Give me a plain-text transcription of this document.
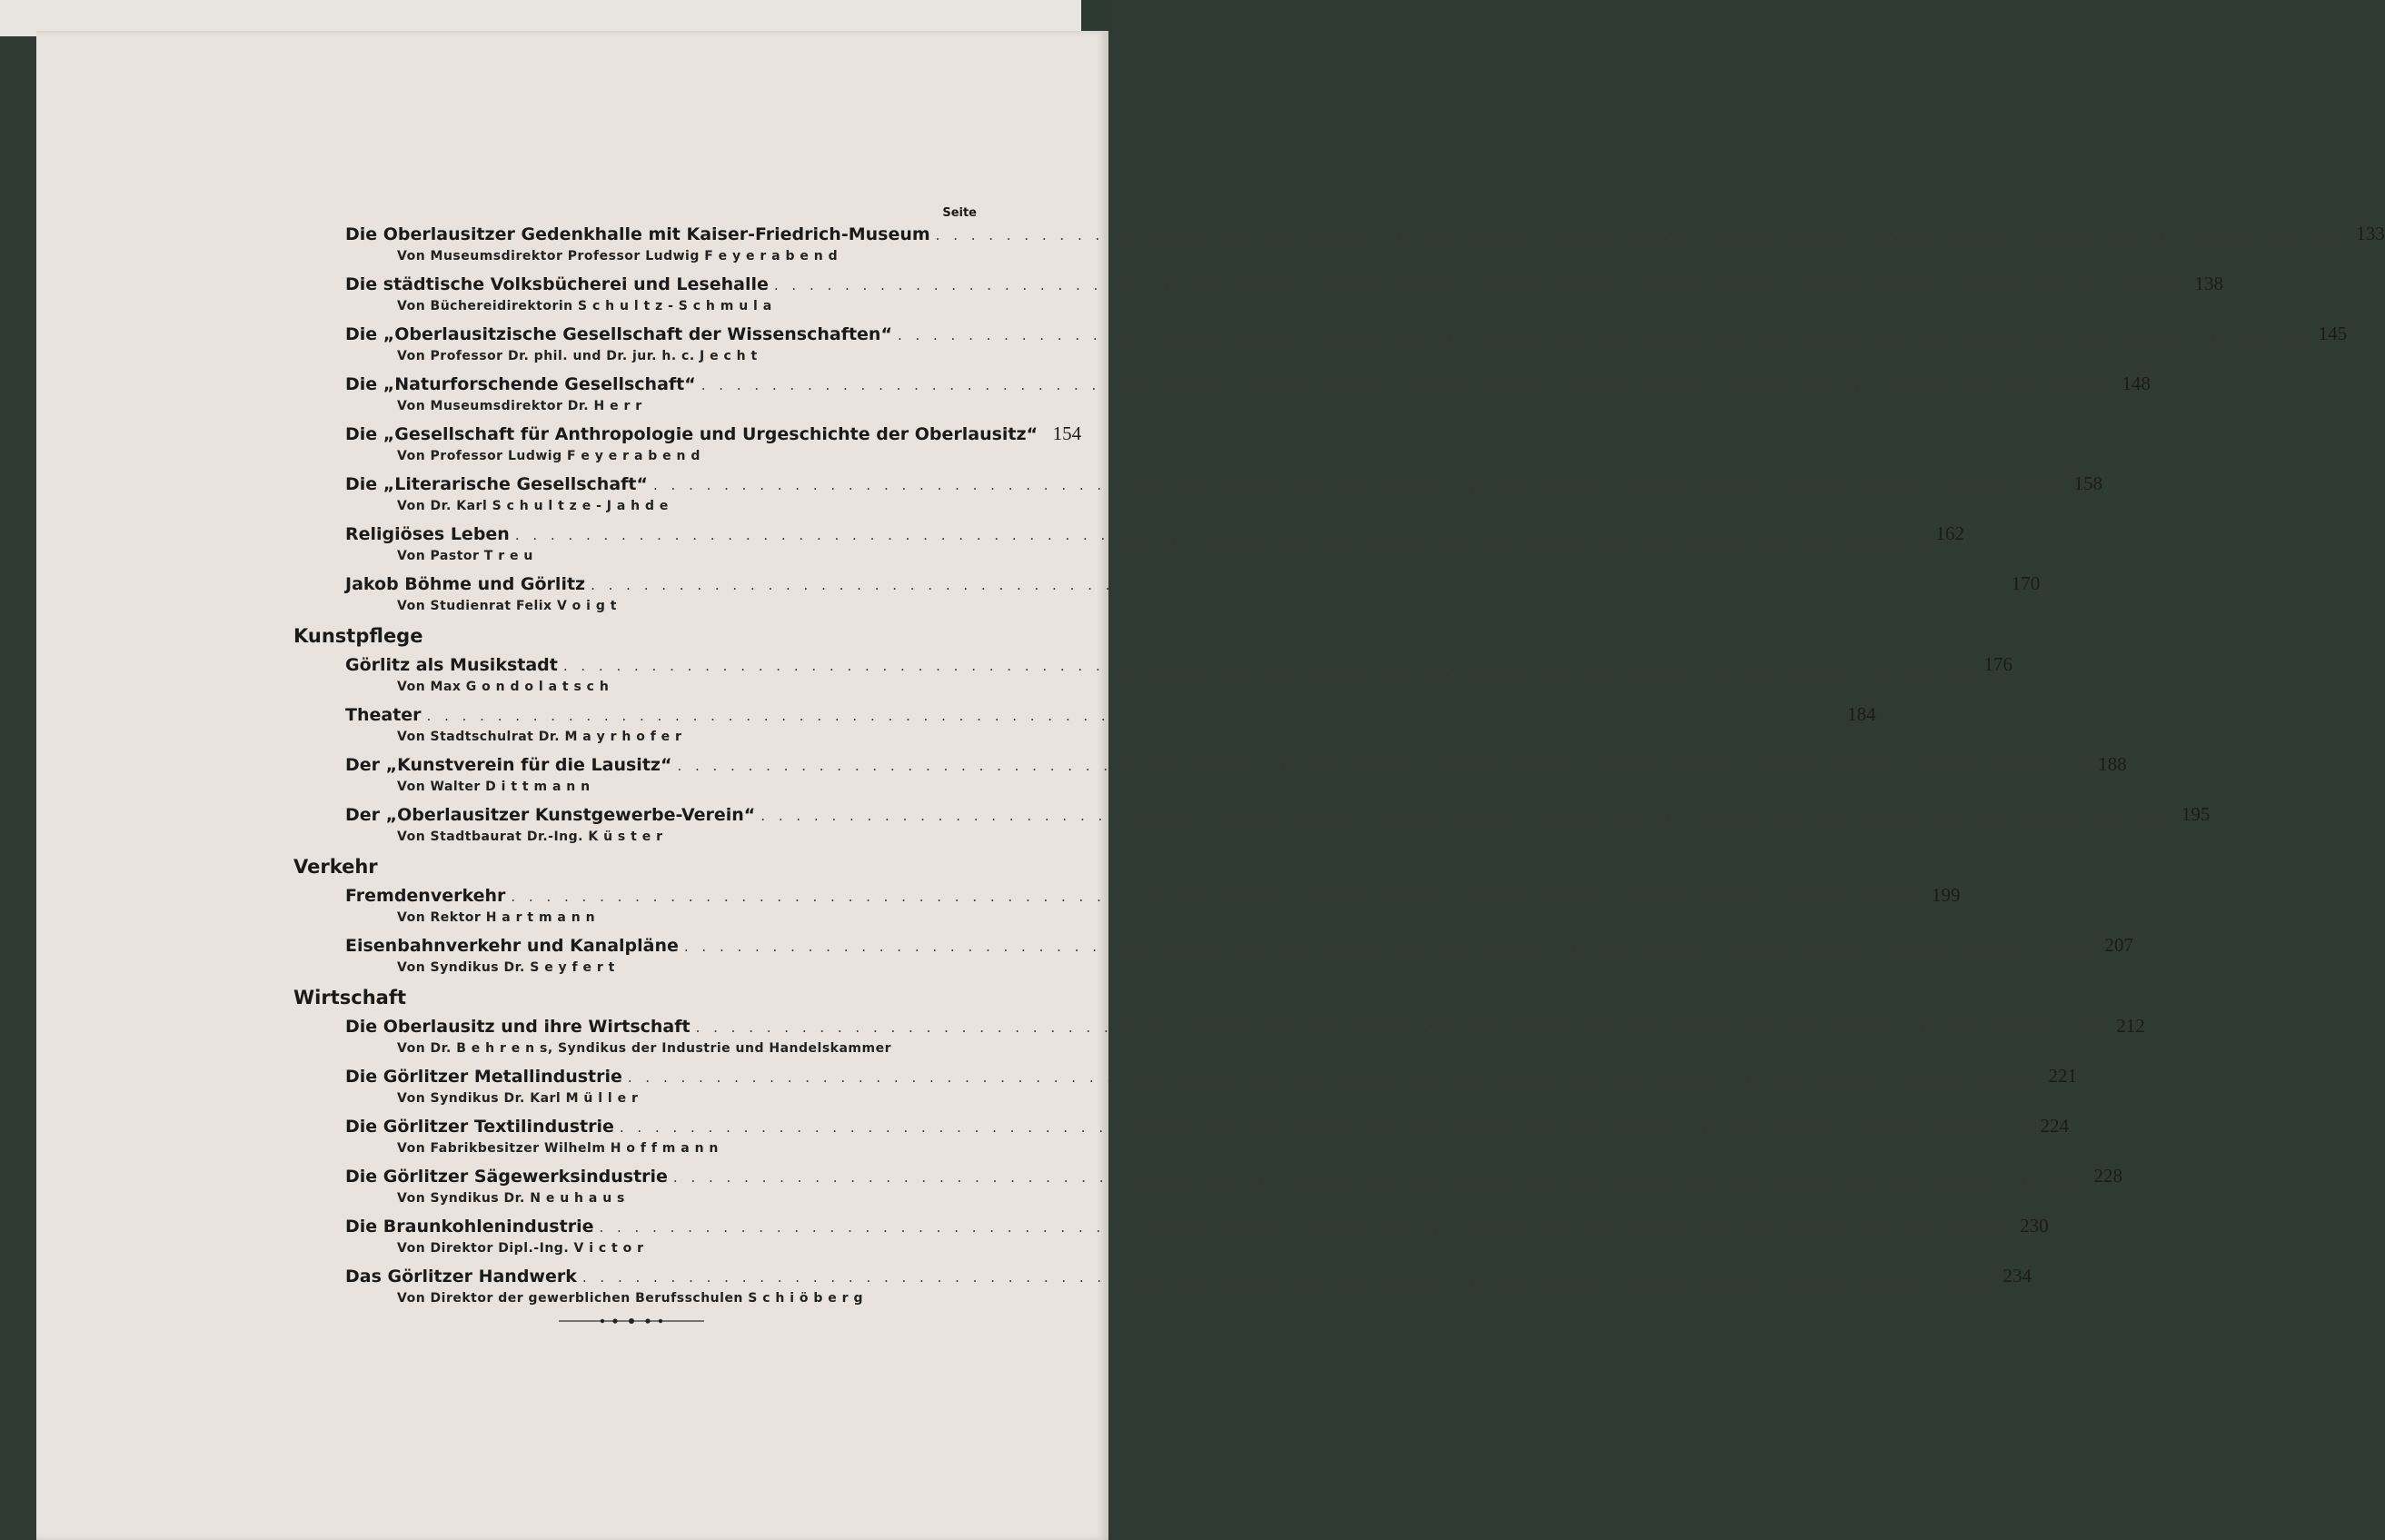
Seite
Die Oberlausitzer Gedenkhalle mit Kaiser-Friedrich-Museum . . . . . . . . . . . . . . . . . . . . . . . . . . . . . . . . . . . . . . . . . . . . . . . . . . . . . . . . . . . . . . . . . . . . . . . . . . . . . . . . 133
Von Museumsdirektor Professor Ludwig F e y e r a b e n d
Die städtische Volksbücherei und Lesehalle . . . . . . . . . . . . . . . . . . . . . . . . . . . . . . . . . . . . . . . . . . . . . . . . . . . . . . . . . . . . . . . . . . . . . . . . . . . . . . . . 138
Von Büchereidirektorin S c h u l t z - S c h m u l a
Die „Oberlausitzische Gesellschaft der Wissenschaften“ . . . . . . . . . . . . . . . . . . . . . . . . . . . . . . . . . . . . . . . . . . . . . . . . . . . . . . . . . . . . . . . . . . . . . . . . . . . . . . . . 145
Von Professor Dr. phil. und Dr. jur. h. c. J e c h t
Die „Naturforschende Gesellschaft“ . . . . . . . . . . . . . . . . . . . . . . . . . . . . . . . . . . . . . . . . . . . . . . . . . . . . . . . . . . . . . . . . . . . . . . . . . . . . . . . . 148
Von Museumsdirektor Dr. H e r r
Die „Gesellschaft für Anthropologie und Urgeschichte der Oberlausitz“ 154
Von Professor Ludwig F e y e r a b e n d
Die „Literarische Gesellschaft“ . . . . . . . . . . . . . . . . . . . . . . . . . . . . . . . . . . . . . . . . . . . . . . . . . . . . . . . . . . . . . . . . . . . . . . . . . . . . . . . . 158
Von Dr. Karl S c h u l t z e - J a h d e
Religiöses Leben . . . . . . . . . . . . . . . . . . . . . . . . . . . . . . . . . . . . . . . . . . . . . . . . . . . . . . . . . . . . . . . . . . . . . . . . . . . . . . . . 162
Von Pastor T r e u
Jakob Böhme und Görlitz . . . . . . . . . . . . . . . . . . . . . . . . . . . . . . . . . . . . . . . . . . . . . . . . . . . . . . . . . . . . . . . . . . . . . . . . . . . . . . . . 170
Von Studienrat Felix V o i g t
Kunstpflege
Görlitz als Musikstadt . . . . . . . . . . . . . . . . . . . . . . . . . . . . . . . . . . . . . . . . . . . . . . . . . . . . . . . . . . . . . . . . . . . . . . . . . . . . . . . . 176
Von Max G o n d o l a t s c h
Theater . . . . . . . . . . . . . . . . . . . . . . . . . . . . . . . . . . . . . . . . . . . . . . . . . . . . . . . . . . . . . . . . . . . . . . . . . . . . . . . . 184
Von Stadtschulrat Dr. M a y r h o f e r
Der „Kunstverein für die Lausitz“ . . . . . . . . . . . . . . . . . . . . . . . . . . . . . . . . . . . . . . . . . . . . . . . . . . . . . . . . . . . . . . . . . . . . . . . . . . . . . . . . 188
Von Walter D i t t m a n n
Der „Oberlausitzer Kunstgewerbe-Verein“ . . . . . . . . . . . . . . . . . . . . . . . . . . . . . . . . . . . . . . . . . . . . . . . . . . . . . . . . . . . . . . . . . . . . . . . . . . . . . . . . 195
Von Stadtbaurat Dr.-Ing. K ü s t e r
Verkehr
Fremdenverkehr . . . . . . . . . . . . . . . . . . . . . . . . . . . . . . . . . . . . . . . . . . . . . . . . . . . . . . . . . . . . . . . . . . . . . . . . . . . . . . . . 199
Von Rektor H a r t m a n n
Eisenbahnverkehr und Kanalpläne . . . . . . . . . . . . . . . . . . . . . . . . . . . . . . . . . . . . . . . . . . . . . . . . . . . . . . . . . . . . . . . . . . . . . . . . . . . . . . . . 207
Von Syndikus Dr. S e y f e r t
Wirtschaft
Die Oberlausitz und ihre Wirtschaft . . . . . . . . . . . . . . . . . . . . . . . . . . . . . . . . . . . . . . . . . . . . . . . . . . . . . . . . . . . . . . . . . . . . . . . . . . . . . . . . 212
Von Dr. B e h r e n s, Syndikus der Industrie und Handelskammer
Die Görlitzer Metallindustrie . . . . . . . . . . . . . . . . . . . . . . . . . . . . . . . . . . . . . . . . . . . . . . . . . . . . . . . . . . . . . . . . . . . . . . . . . . . . . . . . 221
Von Syndikus Dr. Karl M ü l l e r
Die Görlitzer Textilindustrie . . . . . . . . . . . . . . . . . . . . . . . . . . . . . . . . . . . . . . . . . . . . . . . . . . . . . . . . . . . . . . . . . . . . . . . . . . . . . . . . 224
Von Fabrikbesitzer Wilhelm H o f f m a n n
Die Görlitzer Sägewerksindustrie . . . . . . . . . . . . . . . . . . . . . . . . . . . . . . . . . . . . . . . . . . . . . . . . . . . . . . . . . . . . . . . . . . . . . . . . . . . . . . . . 228
Von Syndikus Dr. N e u h a u s
Die Braunkohlenindustrie . . . . . . . . . . . . . . . . . . . . . . . . . . . . . . . . . . . . . . . . . . . . . . . . . . . . . . . . . . . . . . . . . . . . . . . . . . . . . . . . 230
Von Direktor Dipl.-Ing. V i c t o r
Das Görlitzer Handwerk . . . . . . . . . . . . . . . . . . . . . . . . . . . . . . . . . . . . . . . . . . . . . . . . . . . . . . . . . . . . . . . . . . . . . . . . . . . . . . . . 234
Von Direktor der gewerblichen Berufsschulen S c h i ö b e r g
